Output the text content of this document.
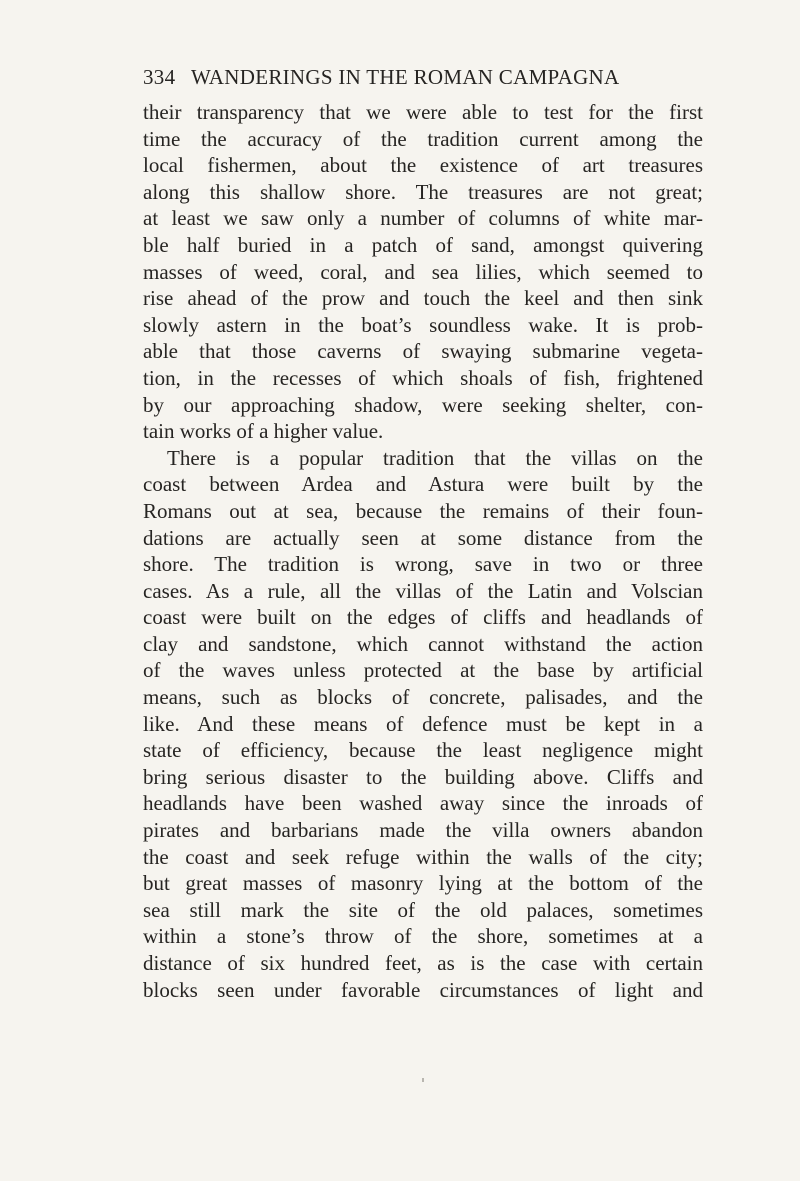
334 WANDERINGS IN THE ROMAN CAMPAGNA
their transparency that we were able to test for the first
time the accuracy of the tradition current among the
local fishermen, about the existence of art treasures
along this shallow shore. The treasures are not great;
at least we saw only a number of columns of white mar-
ble half buried in a patch of sand, amongst quivering
masses of weed, coral, and sea lilies, which seemed to
rise ahead of the prow and touch the keel and then sink
slowly astern in the boat’s soundless wake. It is prob-
able that those caverns of swaying submarine vegeta-
tion, in the recesses of which shoals of fish, frightened
by our approaching shadow, were seeking shelter, con-
tain works of a higher value.
There is a popular tradition that the villas on the
coast between Ardea and Astura were built by the
Romans out at sea, because the remains of their foun-
dations are actually seen at some distance from the
shore. The tradition is wrong, save in two or three
cases. As a rule, all the villas of the Latin and Volscian
coast were built on the edges of cliffs and headlands of
clay and sandstone, which cannot withstand the action
of the waves unless protected at the base by artificial
means, such as blocks of concrete, palisades, and the
like. And these means of defence must be kept in a
state of efficiency, because the least negligence might
bring serious disaster to the building above. Cliffs and
headlands have been washed away since the inroads of
pirates and barbarians made the villa owners abandon
the coast and seek refuge within the walls of the city;
but great masses of masonry lying at the bottom of the
sea still mark the site of the old palaces, sometimes
within a stone’s throw of the shore, sometimes at a
distance of six hundred feet, as is the case with certain
blocks seen under favorable circumstances of light and
